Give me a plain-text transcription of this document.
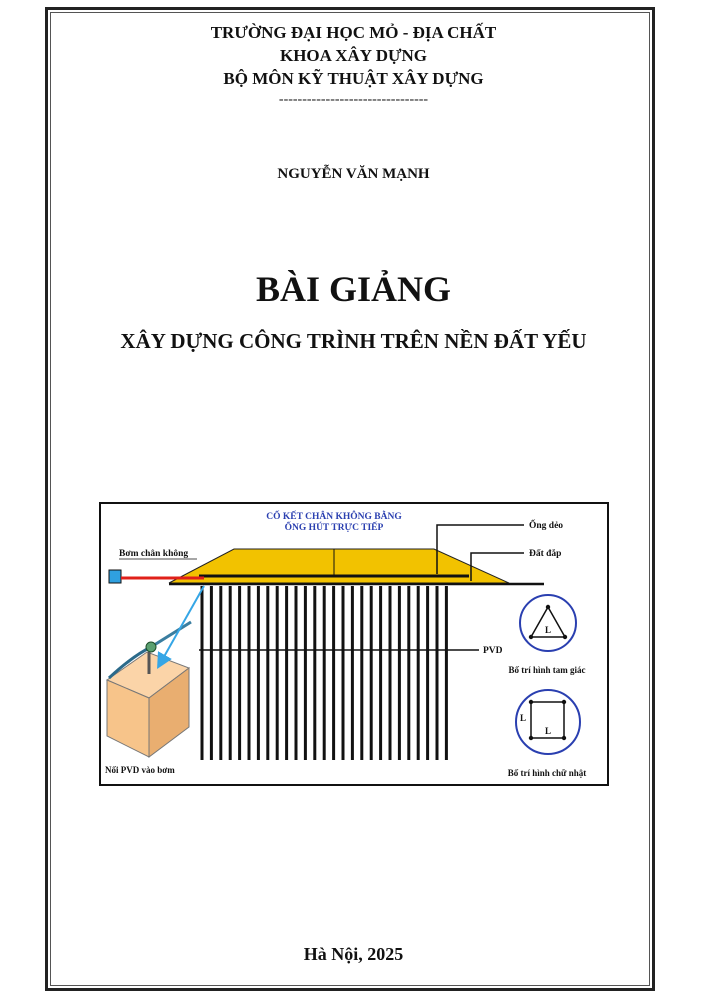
TRƯỜNG ĐẠI HỌC MỎ - ĐỊA CHẤT
KHOA XÂY DỰNG
BỘ MÔN KỸ THUẬT XÂY DỰNG
--------------------------------
NGUYỄN VĂN MẠNH
BÀI GIẢNG
XÂY DỰNG CÔNG TRÌNH TRÊN NỀN ĐẤT YẾU
CỐ KẾT CHÂN KHÔNG BẰNG
ỐNG HÚT TRỰC TIẾP
Bơm chân không
PVD
Ống dẻo
Đất đắp
Nối PVD vào bơm
L
Bố trí hình tam giác
L
L
Bố trí hình chữ nhật
Hà Nội, 2025
